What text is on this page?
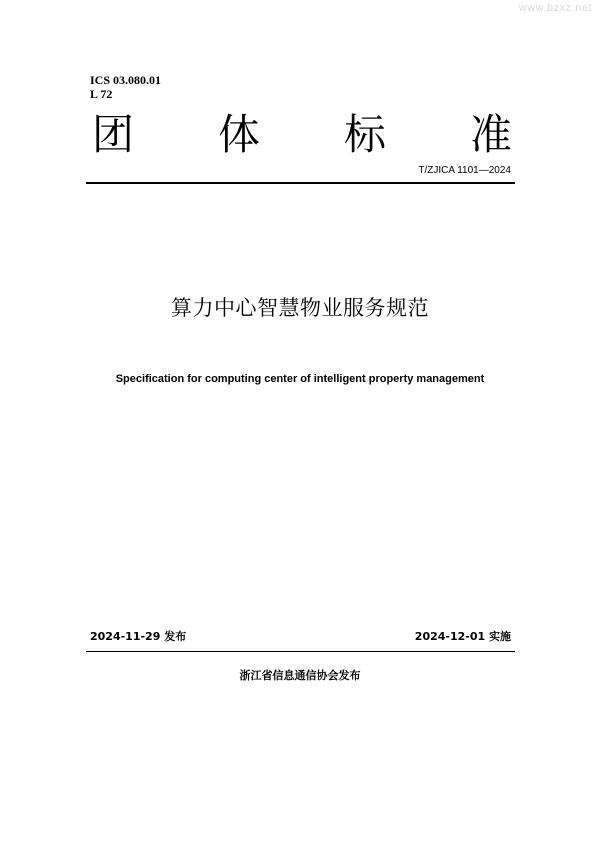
www.bzxz.net
ICS 03.080.01
L 72
团 体 标 准
T/ZJICA 1101—2024
算力中心智慧物业服务规范
Specification for computing center of intelligent property management
2024-11-29 发布	2024-12-01 实施
浙江省信息通信协会发布
